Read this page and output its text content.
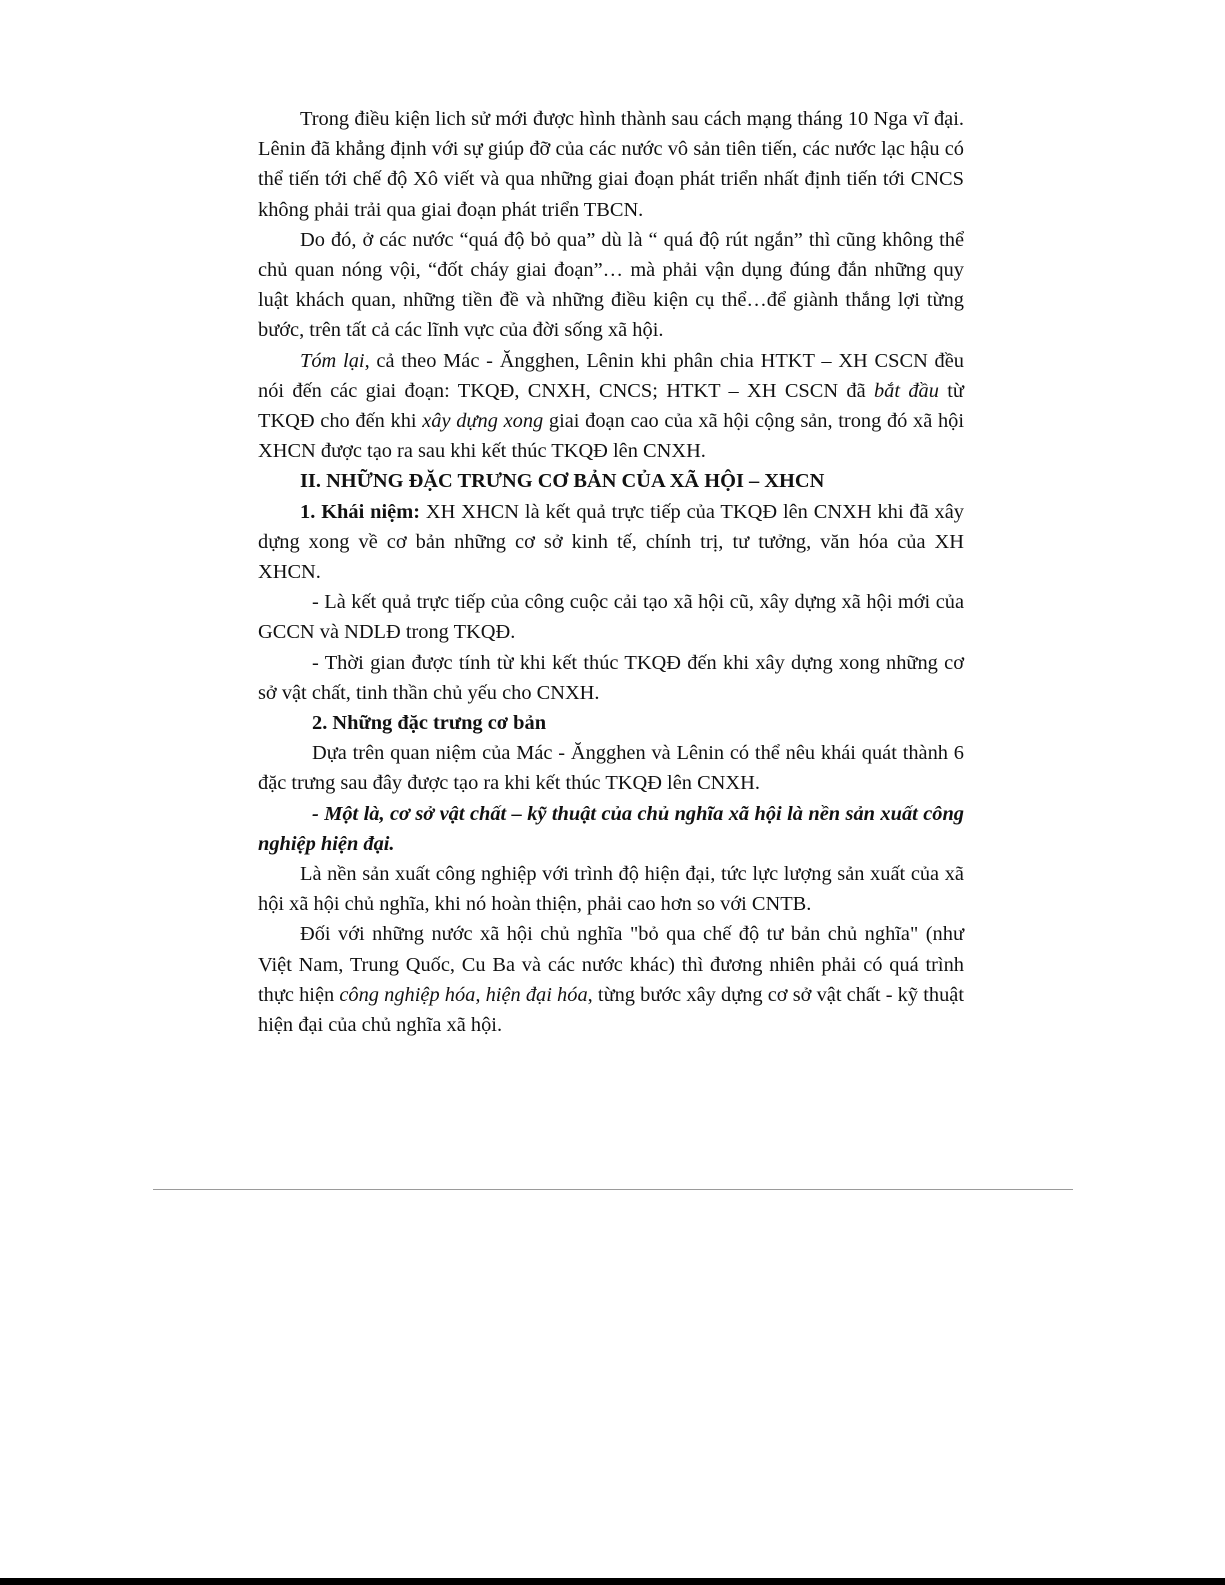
Trong điều kiện lich sử mới được hình thành sau cách mạng tháng 10 Nga vĩ đại. Lênin đã khẳng định với sự giúp đỡ của các nước vô sản tiên tiến, các nước lạc hậu có thể tiến tới chế độ Xô viết và qua những giai đoạn phát triển nhất định tiến tới CNCS không phải trải qua giai đoạn phát triển TBCN.

Do đó, ở các nước “quá độ bỏ qua” dù là “ quá độ rút ngắn” thì cũng không thể chủ quan nóng vội, “đốt cháy giai đoạn”… mà phải vận dụng đúng đắn những quy luật khách quan, những tiền đề và những điều kiện cụ thể…để giành thắng lợi từng bước, trên tất cả các lĩnh vực của đời sống xã hội.

Tóm lại, cả theo Mác - Ăngghen, Lênin khi phân chia HTKT – XH CSCN đều nói đến các giai đoạn: TKQĐ, CNXH, CNCS; HTKT – XH CSCN đã bắt đầu từ TKQĐ cho đến khi xây dựng xong giai đoạn cao của xã hội cộng sản, trong đó xã hội XHCN được tạo ra sau khi kết thúc TKQĐ lên CNXH.

II. NHỮNG ĐẶC TRƯNG CƠ BẢN CỦA XÃ HỘI – XHCN

1. Khái niệm: XH XHCN là kết quả trực tiếp của TKQĐ lên CNXH khi đã xây dựng xong về cơ bản những cơ sở kinh tế, chính trị, tư tưởng, văn hóa của XH XHCN.

- Là kết quả trực tiếp của công cuộc cải tạo xã hội cũ, xây dựng xã hội mới của GCCN và NDLĐ trong TKQĐ.

- Thời gian được tính từ khi kết thúc TKQĐ đến khi xây dựng xong những cơ sở vật chất, tinh thần chủ yếu cho CNXH.

2. Những đặc trưng cơ bản

Dựa trên quan niệm của Mác - Ăngghen và Lênin có thể nêu khái quát thành 6 đặc trưng sau đây được tạo ra khi kết thúc TKQĐ lên CNXH.

- Một là, cơ sở vật chất – kỹ thuật của chủ nghĩa xã hội là nền sản xuất công nghiệp hiện đại.

Là nền sản xuất công nghiệp với trình độ hiện đại, tức lực lượng sản xuất của xã hội xã hội chủ nghĩa, khi nó hoàn thiện, phải cao hơn so với CNTB.

Đối với những nước xã hội chủ nghĩa "bỏ qua chế độ tư bản chủ nghĩa" (như Việt Nam, Trung Quốc, Cu Ba và các nước khác) thì đương nhiên phải có quá trình thực hiện công nghiệp hóa, hiện đại hóa, từng bước xây dựng cơ sở vật chất - kỹ thuật hiện đại của chủ nghĩa xã hội.
